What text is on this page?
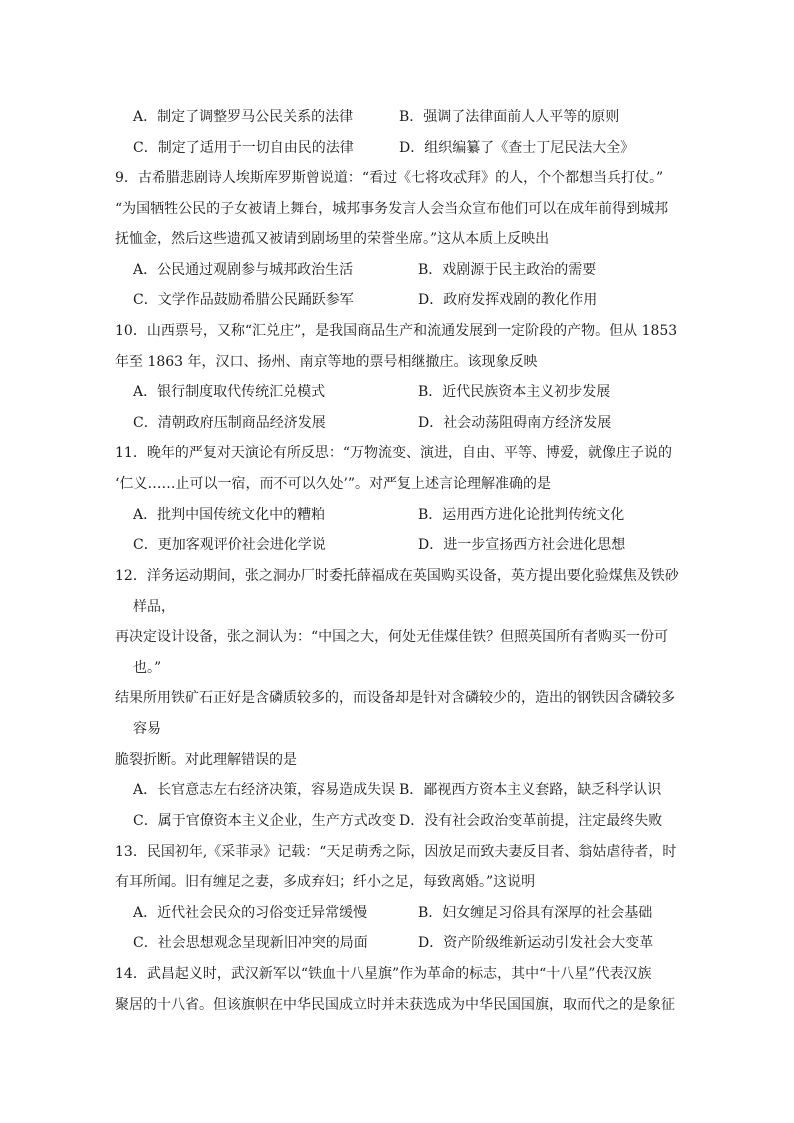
A．制定了调整罗马公民关系的法律	B．强调了法律面前人人平等的原则
C．制定了适用于一切自由民的法律	D．组织编纂了《查士丁尼民法大全》
9．古希腊悲剧诗人埃斯库罗斯曾说道：“看过《七将攻忒拜》的人，个个都想当兵打仗。”
“为国牺牲公民的子女被请上舞台，城邦事务发言人会当众宣布他们可以在成年前得到城邦
抚恤金，然后这些遗孤又被请到剧场里的荣誉坐席。”这从本质上反映出
A．公民通过观剧参与城邦政治生活	B．戏剧源于民主政治的需要
C．文学作品鼓励希腊公民踊跃参军	D．政府发挥戏剧的教化作用
10．山西票号，又称“汇兑庄”，是我国商品生产和流通发展到一定阶段的产物。但从 1853
年至 1863 年，汉口、扬州、南京等地的票号相继撤庄。该现象反映
A．银行制度取代传统汇兑模式	B．近代民族资本主义初步发展
C．清朝政府压制商品经济发展	D．社会动荡阻碍南方经济发展
11．晚年的严复对天演论有所反思：“万物流变、演进，自由、平等、博爱，就像庄子说的
‘仁义……止可以一宿，而不可以久处’”。对严复上述言论理解准确的是
A．批判中国传统文化中的糟粕	B．运用西方进化论批判传统文化
C．更加客观评价社会进化学说	D．进一步宣扬西方社会进化思想
12．洋务运动期间，张之洞办厂时委托薛福成在英国购买设备，英方提出要化验煤焦及铁砂
样品，
再决定设计设备，张之洞认为：“中国之大，何处无佳煤佳铁？但照英国所有者购买一份可
也。”
结果所用铁矿石正好是含磷质较多的，而设备却是针对含磷较少的，造出的钢铁因含磷较多
容易
脆裂折断。对此理解错误的是
A．长官意志左右经济决策，容易造成失误 B．鄙视西方资本主义套路，缺乏科学认识
C．属于官僚资本主义企业，生产方式改变 D．没有社会政治变革前提，注定最终失败
13．民国初年,《采菲录》记载：“天足萌秀之际，因放足而致夫妻反目者、翁姑虐待者，时
有耳所闻。旧有缠足之妻，多成弃妇；纤小之足，每致离婚。”这说明
A．近代社会民众的习俗变迁异常缓慢	B．妇女缠足习俗具有深厚的社会基础
C．社会思想观念呈现新旧冲突的局面	D．资产阶级维新运动引发社会大变革
14．武昌起义时，武汉新军以“铁血十八星旗”作为革命的标志，其中“十八星”代表汉族
聚居的十八省。但该旗帜在中华民国成立时并未获选成为中华民国国旗，取而代之的是象征
